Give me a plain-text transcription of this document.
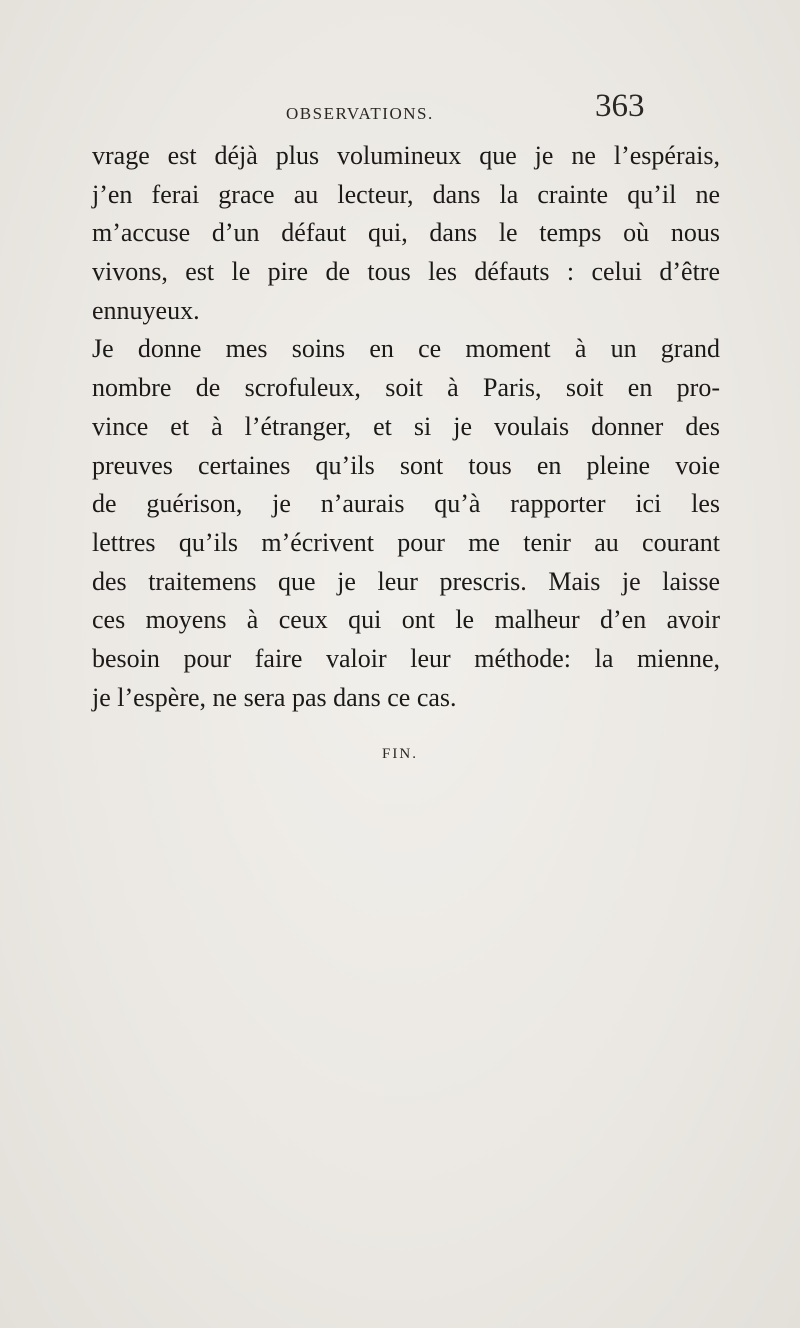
OBSERVATIONS.	363
vrage est déjà plus volumineux que je ne l’espérais,
j’en ferai grace au lecteur, dans la crainte qu’il ne
m’accuse d’un défaut qui, dans le temps où nous
vivons, est le pire de tous les défauts : celui d’être
ennuyeux.
Je donne mes soins en ce moment à un grand
nombre de scrofuleux, soit à Paris, soit en pro-
vince et à l’étranger, et si je voulais donner des
preuves certaines qu’ils sont tous en pleine voie
de guérison, je n’aurais qu’à rapporter ici les
lettres qu’ils m’écrivent pour me tenir au courant
des traitemens que je leur prescris. Mais je laisse
ces moyens à ceux qui ont le malheur d’en avoir
besoin pour faire valoir leur méthode: la mienne,
je l’espère, ne sera pas dans ce cas.
FIN.
